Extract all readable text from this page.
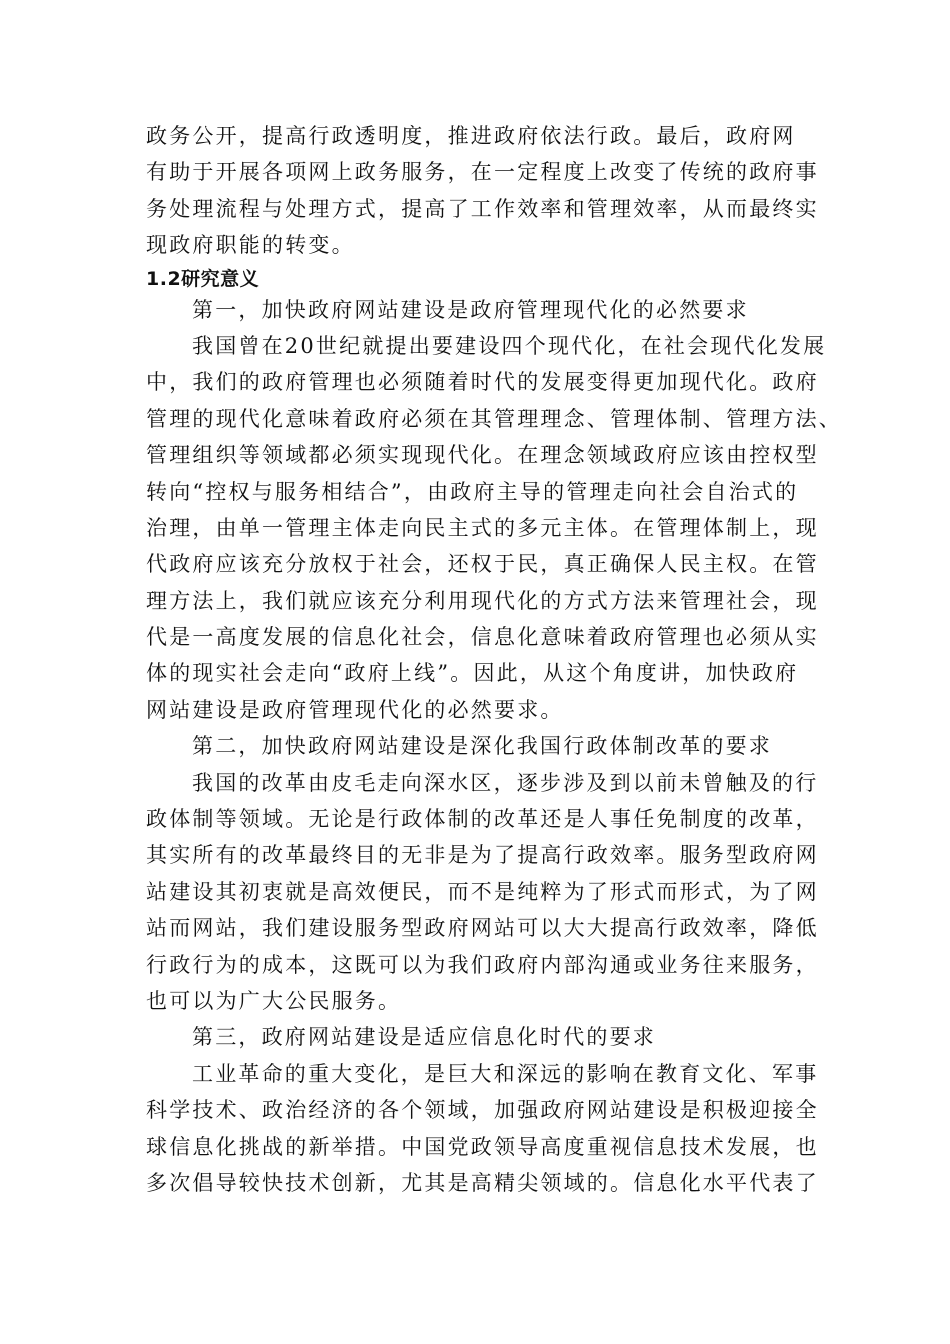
政务公开，提高行政透明度，推进政府依法行政。最后，政府网
有助于开展各项网上政务服务，在一定程度上改变了传统的政府事
务处理流程与处理方式，提高了工作效率和管理效率，从而最终实
现政府职能的转变。
1.2研究意义
第一，加快政府网站建设是政府管理现代化的必然要求
我国曾在20世纪就提出要建设四个现代化，在社会现代化发展
中，我们的政府管理也必须随着时代的发展变得更加现代化。政府
管理的现代化意味着政府必须在其管理理念、管理体制、管理方法、
管理组织等领域都必须实现现代化。在理念领域政府应该由控权型
转向“控权与服务相结合”，由政府主导的管理走向社会自治式的
治理，由单一管理主体走向民主式的多元主体。在管理体制上，现
代政府应该充分放权于社会，还权于民，真正确保人民主权。在管
理方法上，我们就应该充分利用现代化的方式方法来管理社会，现
代是一高度发展的信息化社会，信息化意味着政府管理也必须从实
体的现实社会走向“政府上线”。因此，从这个角度讲，加快政府
网站建设是政府管理现代化的必然要求。
第二，加快政府网站建设是深化我国行政体制改革的要求
我国的改革由皮毛走向深水区，逐步涉及到以前未曾触及的行
政体制等领域。无论是行政体制的改革还是人事任免制度的改革，
其实所有的改革最终目的无非是为了提高行政效率。服务型政府网
站建设其初衷就是高效便民，而不是纯粹为了形式而形式，为了网
站而网站，我们建设服务型政府网站可以大大提高行政效率，降低
行政行为的成本，这既可以为我们政府内部沟通或业务往来服务，
也可以为广大公民服务。
第三，政府网站建设是适应信息化时代的要求
工业革命的重大变化，是巨大和深远的影响在教育文化、军事
科学技术、政治经济的各个领域，加强政府网站建设是积极迎接全
球信息化挑战的新举措。中国党政领导高度重视信息技术发展，也
多次倡导较快技术创新，尤其是高精尖领域的。信息化水平代表了
